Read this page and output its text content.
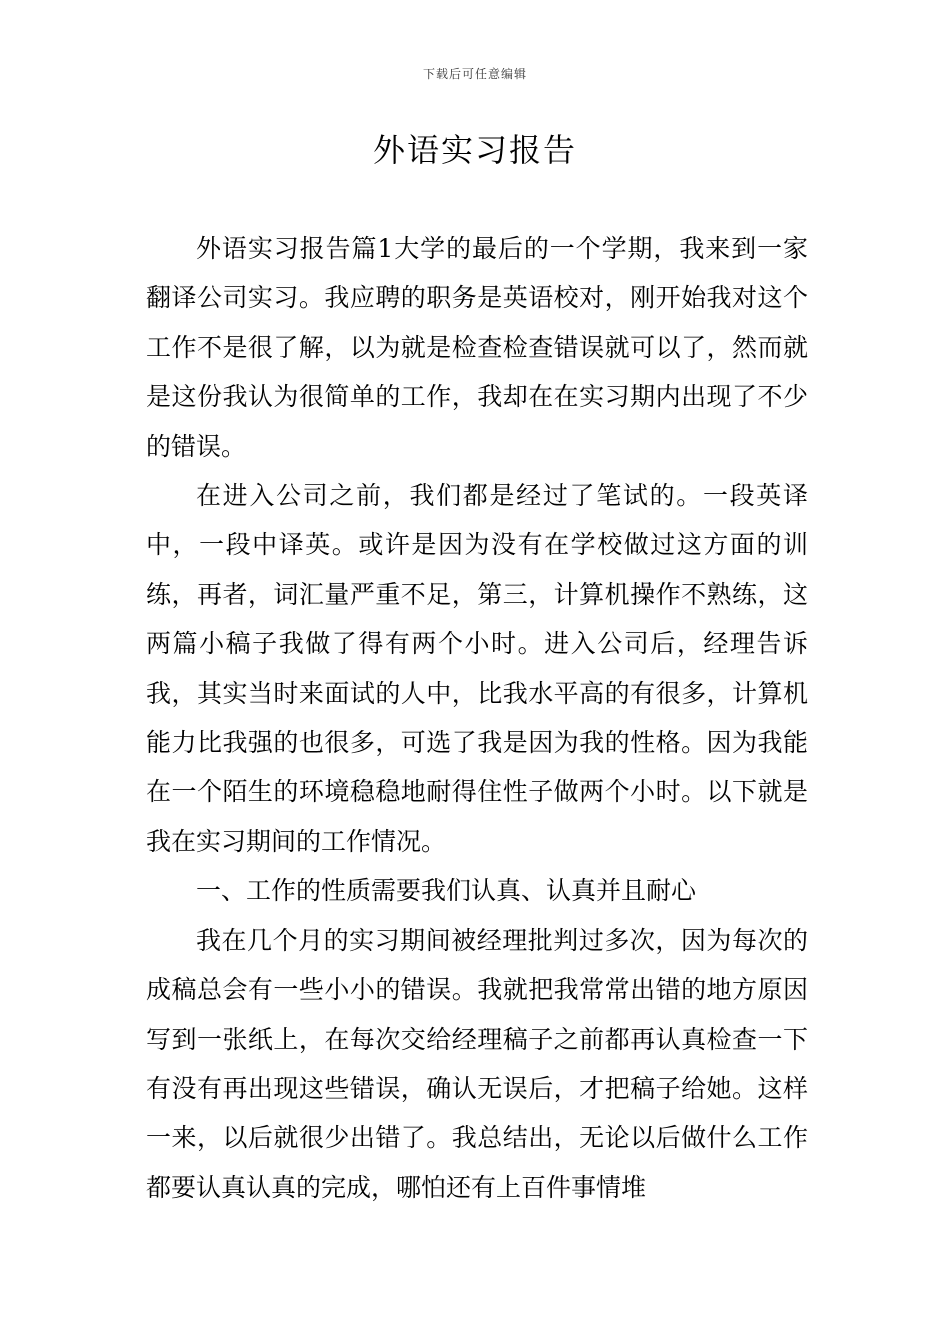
下载后可任意编辑
外语实习报告

外语实习报告篇1大学的最后的一个学期，我来到一家翻译公司实习。我应聘的职务是英语校对，刚开始我对这个工作不是很了解，以为就是检查检查错误就可以了，然而就是这份我认为很简单的工作，我却在在实习期内出现了不少的错误。

在进入公司之前，我们都是经过了笔试的。一段英译中，一段中译英。或许是因为没有在学校做过这方面的训练，再者，词汇量严重不足，第三，计算机操作不熟练，这两篇小稿子我做了得有两个小时。进入公司后，经理告诉我，其实当时来面试的人中，比我水平高的有很多，计算机能力比我强的也很多，可选了我是因为我的性格。因为我能在一个陌生的环境稳稳地耐得住性子做两个小时。以下就是我在实习期间的工作情况。

一、工作的性质需要我们认真、认真并且耐心

我在几个月的实习期间被经理批判过多次，因为每次的成稿总会有一些小小的错误。我就把我常常出错的地方原因写到一张纸上，在每次交给经理稿子之前都再认真检查一下有没有再出现这些错误，确认无误后，才把稿子给她。这样一来，以后就很少出错了。我总结出，无论以后做什么工作都要认真认真的完成，哪怕还有上百件事情堆
